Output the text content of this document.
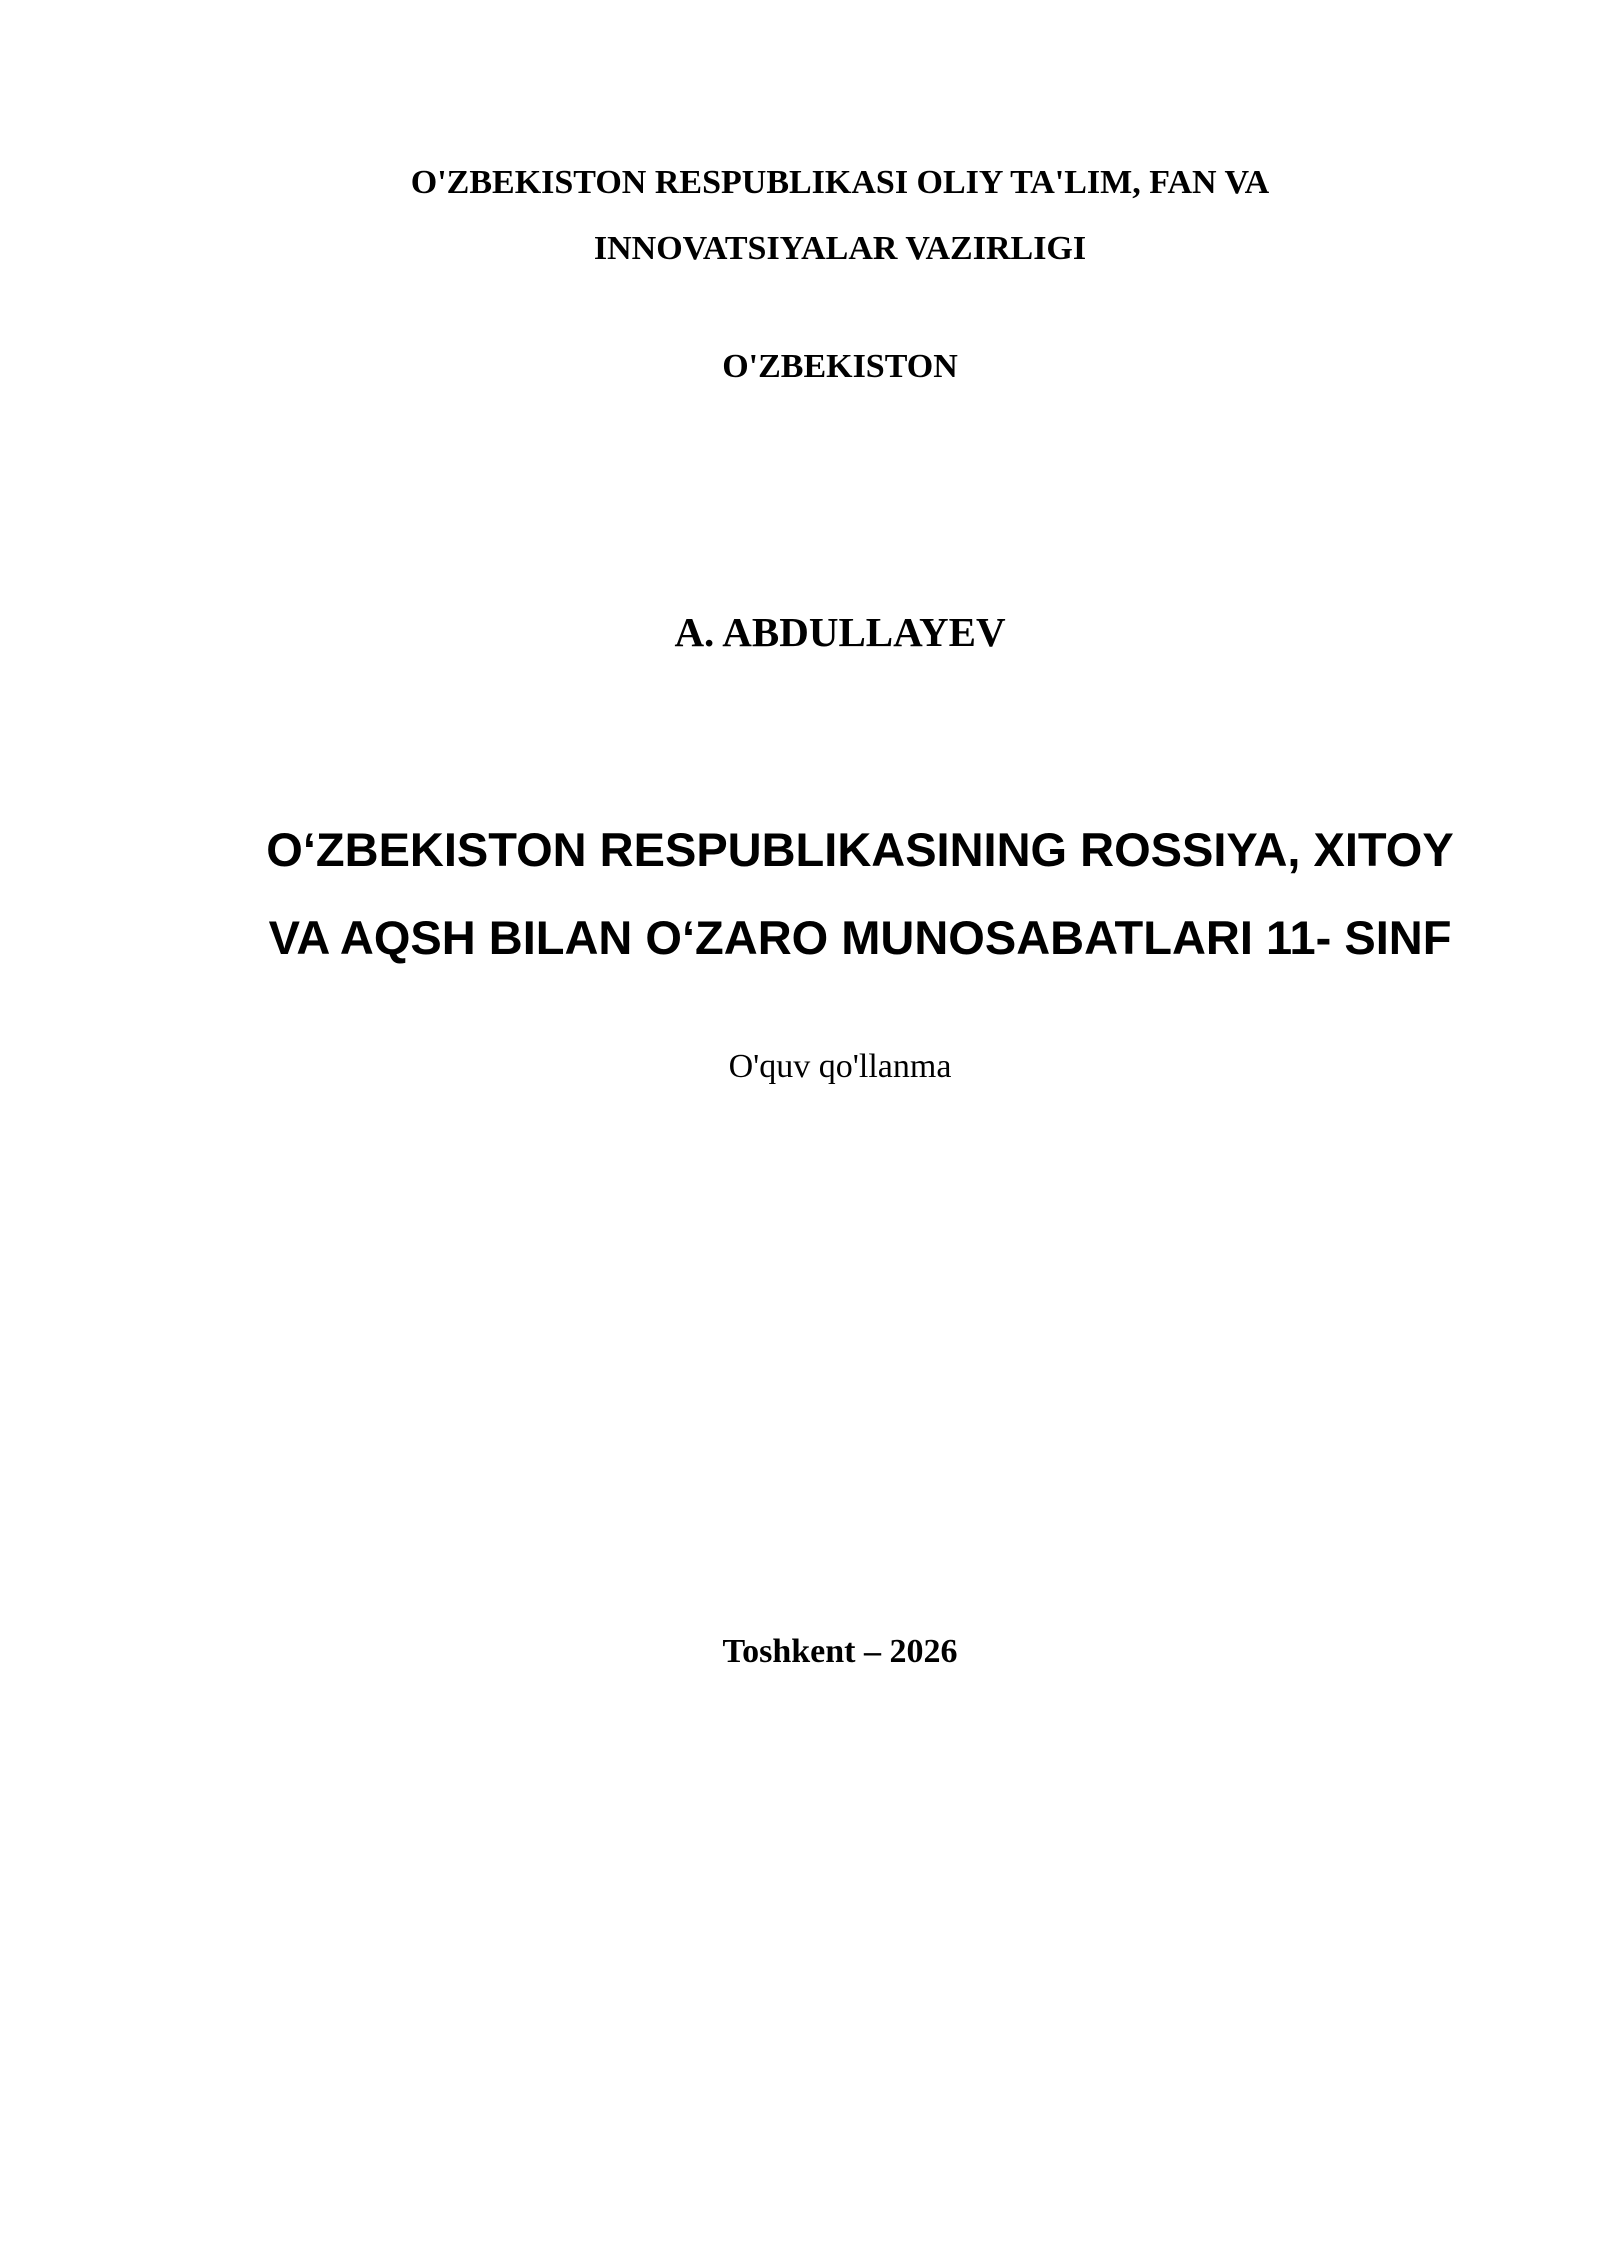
O'ZBEKISTON RESPUBLIKASI OLIY TA'LIM, FAN VA
INNOVATSIYALAR VAZIRLIGI
O'ZBEKISTON
A. ABDULLAYEV
O‘ZBEKISTON RESPUBLIKASINING ROSSIYA, XITOY
VA AQSH BILAN O‘ZARO MUNOSABATLARI 11- SINF
O'quv qo'llanma
Toshkent – 2026
